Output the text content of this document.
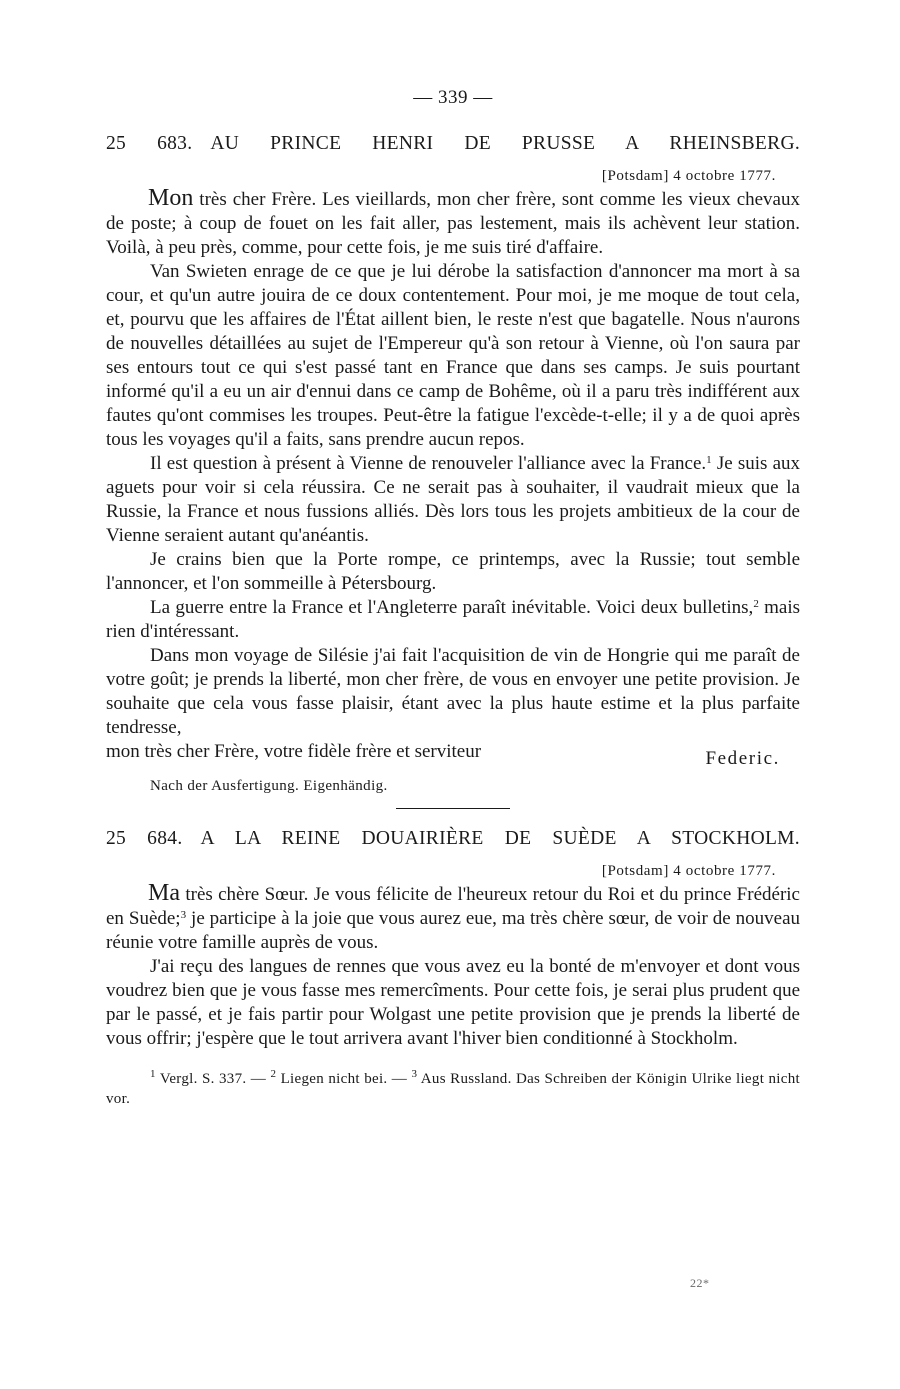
— 339 —
25 683. AU PRINCE HENRI DE PRUSSE A RHEINSBERG.
[Potsdam] 4 octobre 1777.

Mon très cher Frère. Les vieillards, mon cher frère, sont comme les vieux chevaux de poste; à coup de fouet on les fait aller, pas lestement, mais ils achèvent leur station. Voilà, à peu près, comme, pour cette fois, je me suis tiré d'affaire.

Van Swieten enrage de ce que je lui dérobe la satisfaction d'annoncer ma mort à sa cour, et qu'un autre jouira de ce doux contentement. Pour moi, je me moque de tout cela, et, pourvu que les affaires de l'État aillent bien, le reste n'est que bagatelle. Nous n'aurons de nouvelles détaillées au sujet de l'Empereur qu'à son retour à Vienne, où l'on saura par ses entours tout ce qui s'est passé tant en France que dans ses camps. Je suis pourtant informé qu'il a eu un air d'ennui dans ce camp de Bohême, où il a paru très indifférent aux fautes qu'ont commises les troupes. Peut-être la fatigue l'excède-t-elle; il y a de quoi après tous les voyages qu'il a faits, sans prendre aucun repos.

Il est question à présent à Vienne de renouveler l'alliance avec la France.$^1$ Je suis aux aguets pour voir si cela réussira. Ce ne serait pas à souhaiter, il vaudrait mieux que la Russie, la France et nous fussions alliés. Dès lors tous les projets ambitieux de la cour de Vienne seraient autant qu'anéantis.

Je crains bien que la Porte rompe, ce printemps, avec la Russie; tout semble l'annoncer, et l'on sommeille à Pétersbourg.

La guerre entre la France et l'Angleterre paraît inévitable. Voici deux bulletins,$^2$ mais rien d'intéressant.

Dans mon voyage de Silésie j'ai fait l'acquisition de vin de Hongrie qui me paraît de votre goût; je prends la liberté, mon cher frère, de vous en envoyer une petite provision. Je souhaite que cela vous fasse plaisir, étant avec la plus haute estime et la plus parfaite tendresse,

mon très cher Frère, votre fidèle frère et serviteur	Federic.
Nach der Ausfertigung. Eigenhändig.
25 684. A LA REINE DOUAIRIÈRE DE SUÈDE A STOCKHOLM.
[Potsdam] 4 octobre 1777.

Ma très chère Sœur. Je vous félicite de l'heureux retour du Roi et du prince Frédéric en Suède;$^3$ je participe à la joie que vous aurez eue, ma très chère sœur, de voir de nouveau réunie votre famille auprès de vous.

J'ai reçu des langues de rennes que vous avez eu la bonté de m'envoyer et dont vous voudrez bien que je vous fasse mes remercîments. Pour cette fois, je serai plus prudent que par le passé, et je fais partir pour Wolgast une petite provision que je prends la liberté de vous offrir; j'espère que le tout arrivera avant l'hiver bien conditionné à Stockholm.

$^1$ Vergl. S. 337. — $^2$ Liegen nicht bei. — $^3$ Aus Russland. Das Schreiben der Königin Ulrike liegt nicht vor.
22*
